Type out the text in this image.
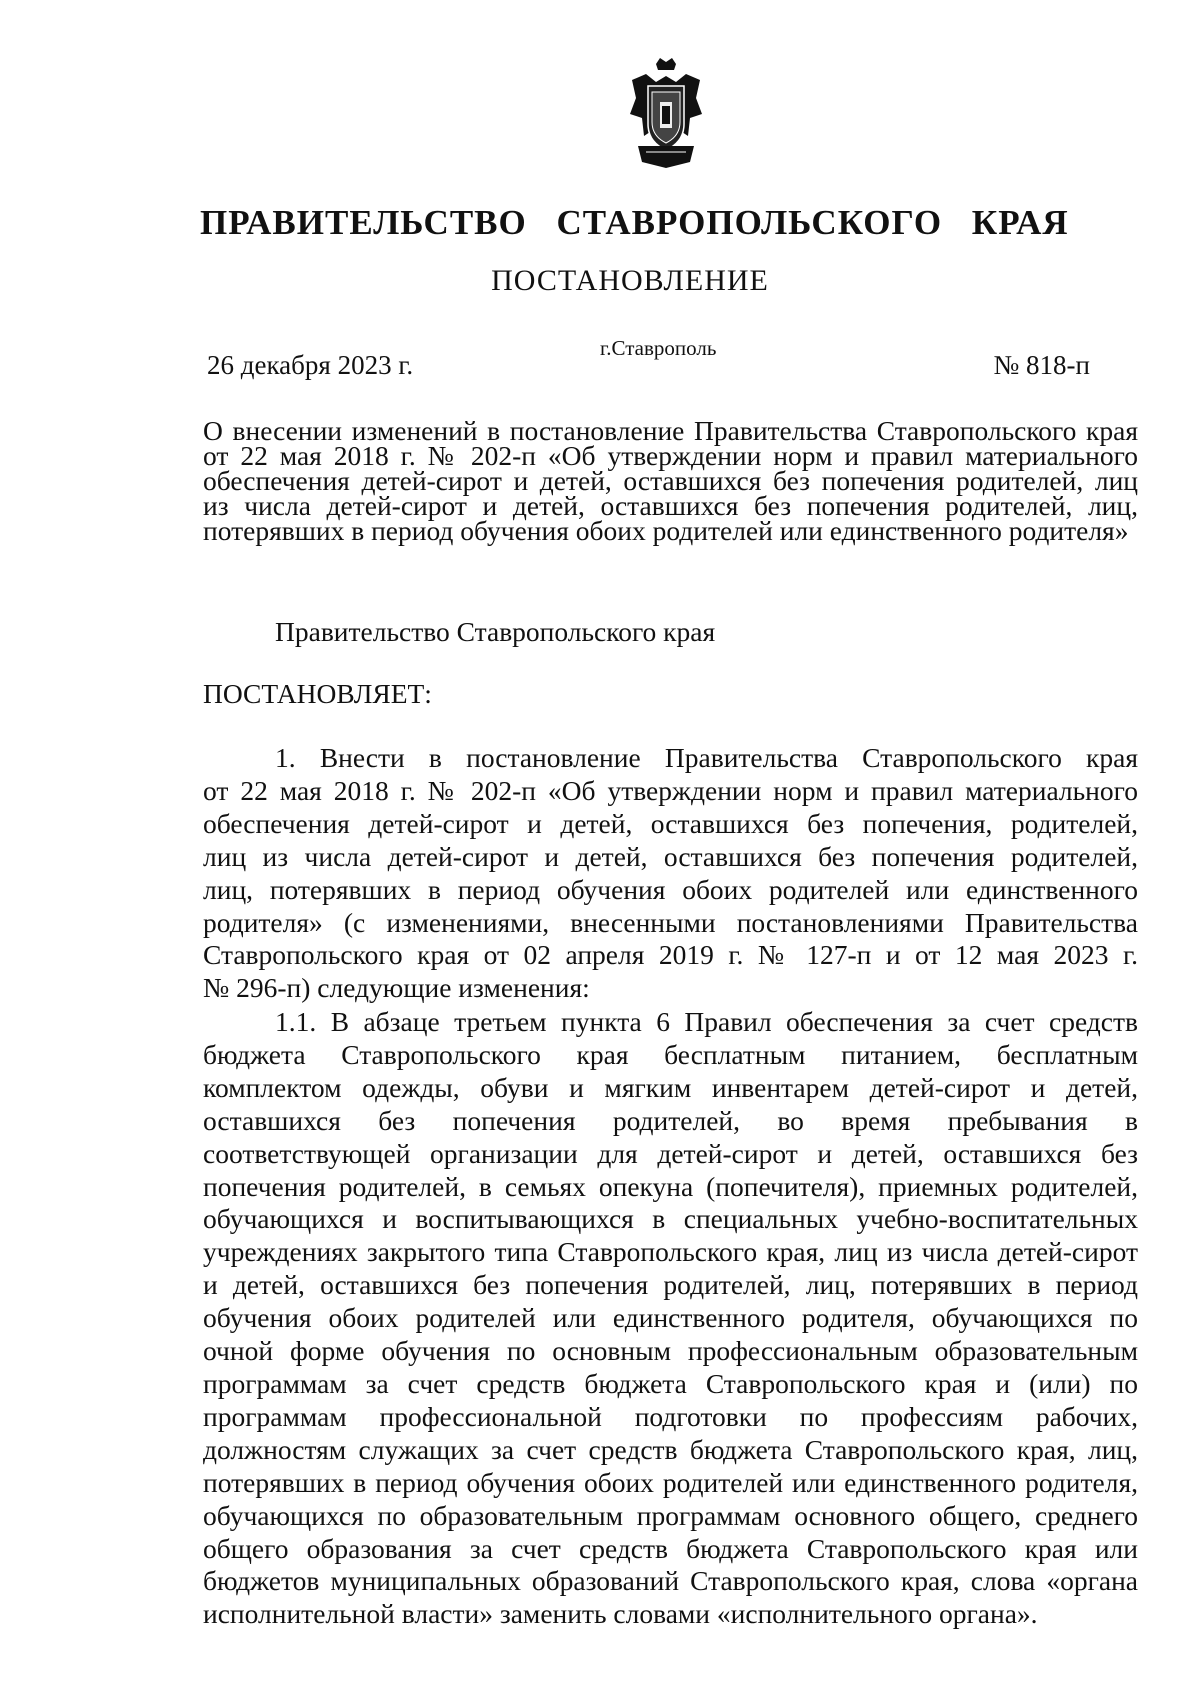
ПРАВИТЕЛЬСТВО СТАВРОПОЛЬСКОГО КРАЯ
ПОСТАНОВЛЕНИЕ
26 декабря 2023 г.
г.Ставрополь
№ 818-п
О внесении изменений в постановление Правительства Ставропольского края
от 22 мая 2018 г. № 202-п «Об утверждении норм и правил материального
обеспечения детей-сирот и детей, оставшихся без попечения родителей, лиц
из числа детей-сирот и детей, оставшихся без попечения родителей, лиц,
потерявших в период обучения обоих родителей или единственного родителя»
Правительство Ставропольского края
ПОСТАНОВЛЯЕТ:
1. Внести в постановление Правительства Ставропольского края
от 22 мая 2018 г. № 202-п «Об утверждении норм и правил материального
обеспечения детей-сирот и детей, оставшихся без попечения, родителей,
лиц из числа детей-сирот и детей, оставшихся без попечения родителей,
лиц, потерявших в период обучения обоих родителей или единственного
родителя» (с изменениями, внесенными постановлениями Правительства
Ставропольского края от 02 апреля 2019 г. № 127-п и от 12 мая 2023 г.
№ 296-п) следующие изменения:
1.1. В абзаце третьем пункта 6 Правил обеспечения за счет средств
бюджета Ставропольского края бесплатным питанием, бесплатным
комплектом одежды, обуви и мягким инвентарем детей-сирот и детей,
оставшихся без попечения родителей, во время пребывания в
соответствующей организации для детей-сирот и детей, оставшихся без
попечения родителей, в семьях опекуна (попечителя), приемных родителей,
обучающихся и воспитывающихся в специальных учебно-воспитательных
учреждениях закрытого типа Ставропольского края, лиц из числа детей-сирот
и детей, оставшихся без попечения родителей, лиц, потерявших в период
обучения обоих родителей или единственного родителя, обучающихся по
очной форме обучения по основным профессиональным образовательным
программам за счет средств бюджета Ставропольского края и (или) по
программам профессиональной подготовки по профессиям рабочих,
должностям служащих за счет средств бюджета Ставропольского края, лиц,
потерявших в период обучения обоих родителей или единственного родителя,
обучающихся по образовательным программам основного общего, среднего
общего образования за счет средств бюджета Ставропольского края или
бюджетов муниципальных образований Ставропольского края, слова «органа
исполнительной власти» заменить словами «исполнительного органа».
